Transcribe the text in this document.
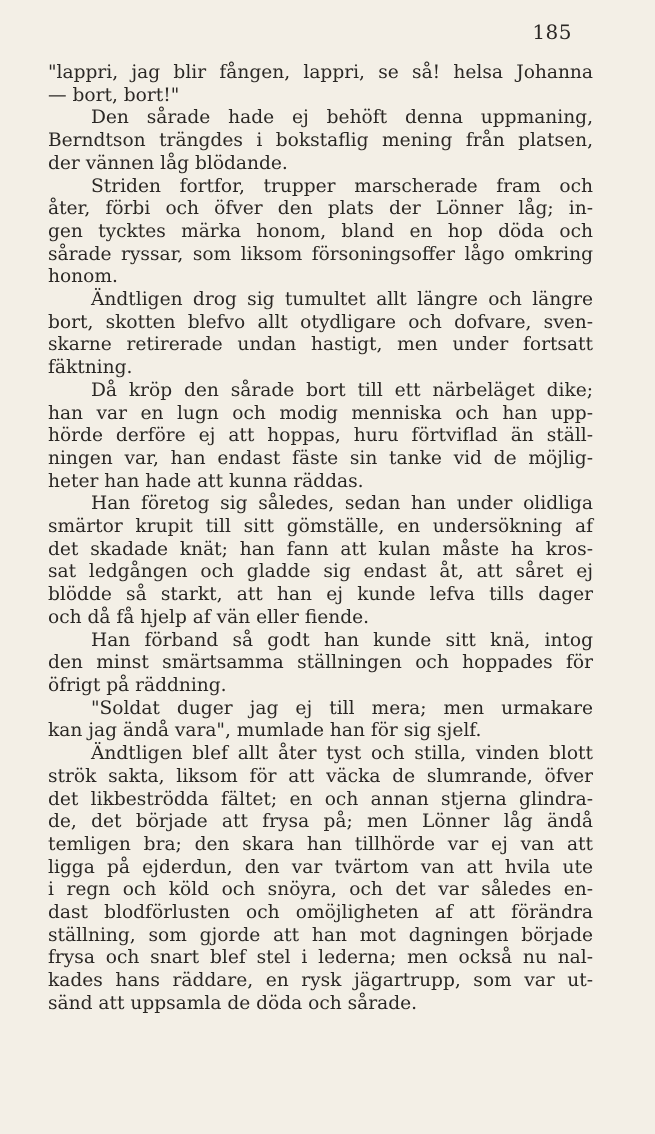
185
"lappri, jag blir fången, lappri, se så! helsa Johanna
— bort, bort!"
Den sårade hade ej behöft denna uppmaning,
Berndtson trängdes i bokstaflig mening från platsen,
der vännen låg blödande.
Striden fortfor, trupper marscherade fram och
åter, förbi och öfver den plats der Lönner låg; in-
gen tycktes märka honom, bland en hop döda och
sårade ryssar, som liksom försoningsoffer lågo omkring
honom.
Ändtligen drog sig tumultet allt längre och längre
bort, skotten blefvo allt otydligare och dofvare, sven-
skarne retirerade undan hastigt, men under fortsatt
fäktning.
Då kröp den sårade bort till ett närbeläget dike;
han var en lugn och modig menniska och han upp-
hörde derföre ej att hoppas, huru förtviflad än ställ-
ningen var, han endast fäste sin tanke vid de möjlig-
heter han hade att kunna räddas.
Han företog sig således, sedan han under olidliga
smärtor krupit till sitt gömställe, en undersökning af
det skadade knät; han fann att kulan måste ha kros-
sat ledgången och gladde sig endast åt, att såret ej
blödde så starkt, att han ej kunde lefva tills dager
och då få hjelp af vän eller fiende.
Han förband så godt han kunde sitt knä, intog
den minst smärtsamma ställningen och hoppades för
öfrigt på räddning.
"Soldat duger jag ej till mera; men urmakare
kan jag ändå vara", mumlade han för sig sjelf.
Ändtligen blef allt åter tyst och stilla, vinden blott
strök sakta, liksom för att väcka de slumrande, öfver
det likbeströdda fältet; en och annan stjerna glindra-
de, det började att frysa på; men Lönner låg ändå
temligen bra; den skara han tillhörde var ej van att
ligga på ejderdun, den var tvärtom van att hvila ute
i regn och köld och snöyra, och det var således en-
dast blodförlusten och omöjligheten af att förändra
ställning, som gjorde att han mot dagningen började
frysa och snart blef stel i lederna; men också nu nal-
kades hans räddare, en rysk jägartrupp, som var ut-
sänd att uppsamla de döda och sårade.
